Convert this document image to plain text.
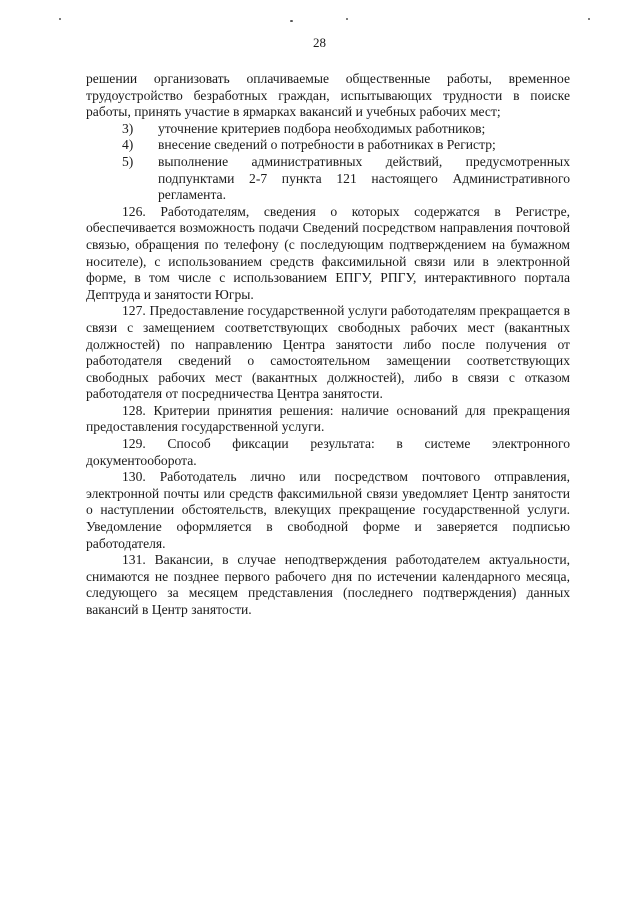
28

решении организовать оплачиваемые общественные работы, временное трудоустройство безработных граждан, испытывающих трудности в поиске работы, принять участие в ярмарках вакансий и учебных рабочих мест;

3)	уточнение критериев подбора необходимых работников;
4)	внесение сведений о потребности в работниках в Регистр;
5)	выполнение административных действий, предусмотренных подпунктами 2-7 пункта 121 настоящего Административного регламента.

126. Работодателям, сведения о которых содержатся в Регистре, обеспечивается возможность подачи Сведений посредством направления почтовой связью, обращения по телефону (с последующим подтверждением на бумажном носителе), с использованием средств факсимильной связи или в электронной форме, в том числе с использованием ЕПГУ, РПГУ, интерактивного портала Дептруда и занятости Югры.

127. Предоставление государственной услуги работодателям прекращается в связи с замещением соответствующих свободных рабочих мест (вакантных должностей) по направлению Центра занятости либо после получения от работодателя сведений о самостоятельном замещении соответствующих свободных рабочих мест (вакантных должностей), либо в связи с отказом работодателя от посредничества Центра занятости.

128. Критерии принятия решения: наличие оснований для прекращения предоставления государственной услуги.

129. Способ фиксации результата: в системе электронного документооборота.

130. Работодатель лично или посредством почтового отправления, электронной почты или средств факсимильной связи уведомляет Центр занятости о наступлении обстоятельств, влекущих прекращение государственной услуги. Уведомление оформляется в свободной форме и заверяется подписью работодателя.

131. Вакансии, в случае неподтверждения работодателем актуальности, снимаются не позднее первого рабочего дня по истечении календарного месяца, следующего за месяцем представления (последнего подтверждения) данных вакансий в Центр занятости.
